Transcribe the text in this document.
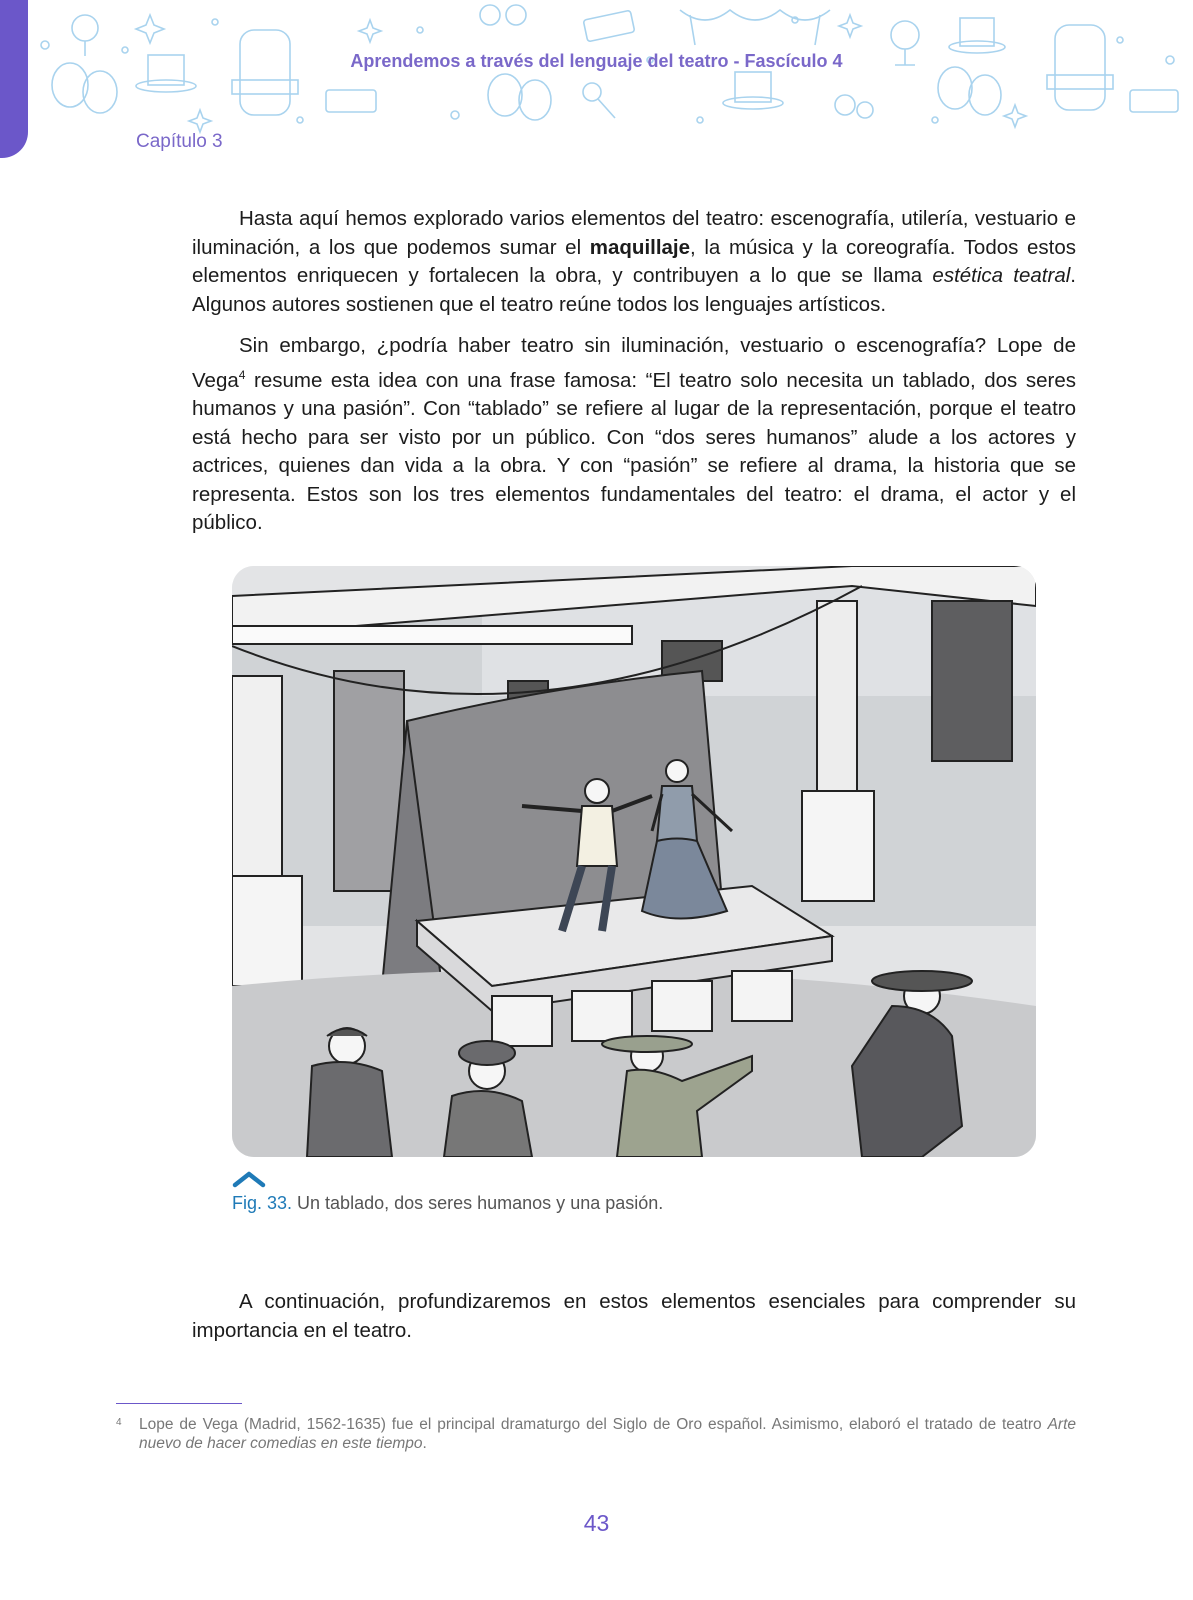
Aprendemos a través del lenguaje del teatro - Fascículo 4
Capítulo 3

Hasta aquí hemos explorado varios elementos del teatro: escenografía, utilería, vestuario e iluminación, a los que podemos sumar el maquillaje, la música y la coreografía. Todos estos elementos enriquecen y fortalecen la obra, y contribuyen a lo que se llama estética teatral. Algunos autores sostienen que el teatro reúne todos los lenguajes artísticos.

Sin embargo, ¿podría haber teatro sin iluminación, vestuario o escenografía? Lope de Vega$^4$ resume esta idea con una frase famosa: “El teatro solo necesita un tablado, dos seres humanos y una pasión”. Con “tablado” se refiere al lugar de la representación, porque el teatro está hecho para ser visto por un público. Con “dos seres humanos” alude a los actores y actrices, quienes dan vida a la obra. Y con “pasión” se refiere al drama, la historia que se representa. Estos son los tres elementos fundamentales del teatro: el drama, el actor y el público.

Fig. 33. Un tablado, dos seres humanos y una pasión.

A continuación, profundizaremos en estos elementos esenciales para comprender su importancia en el teatro.

4 Lope de Vega (Madrid, 1562-1635) fue el principal dramaturgo del Siglo de Oro español. Asimismo, elaboró el tratado de teatro Arte nuevo de hacer comedias en este tiempo.
43
